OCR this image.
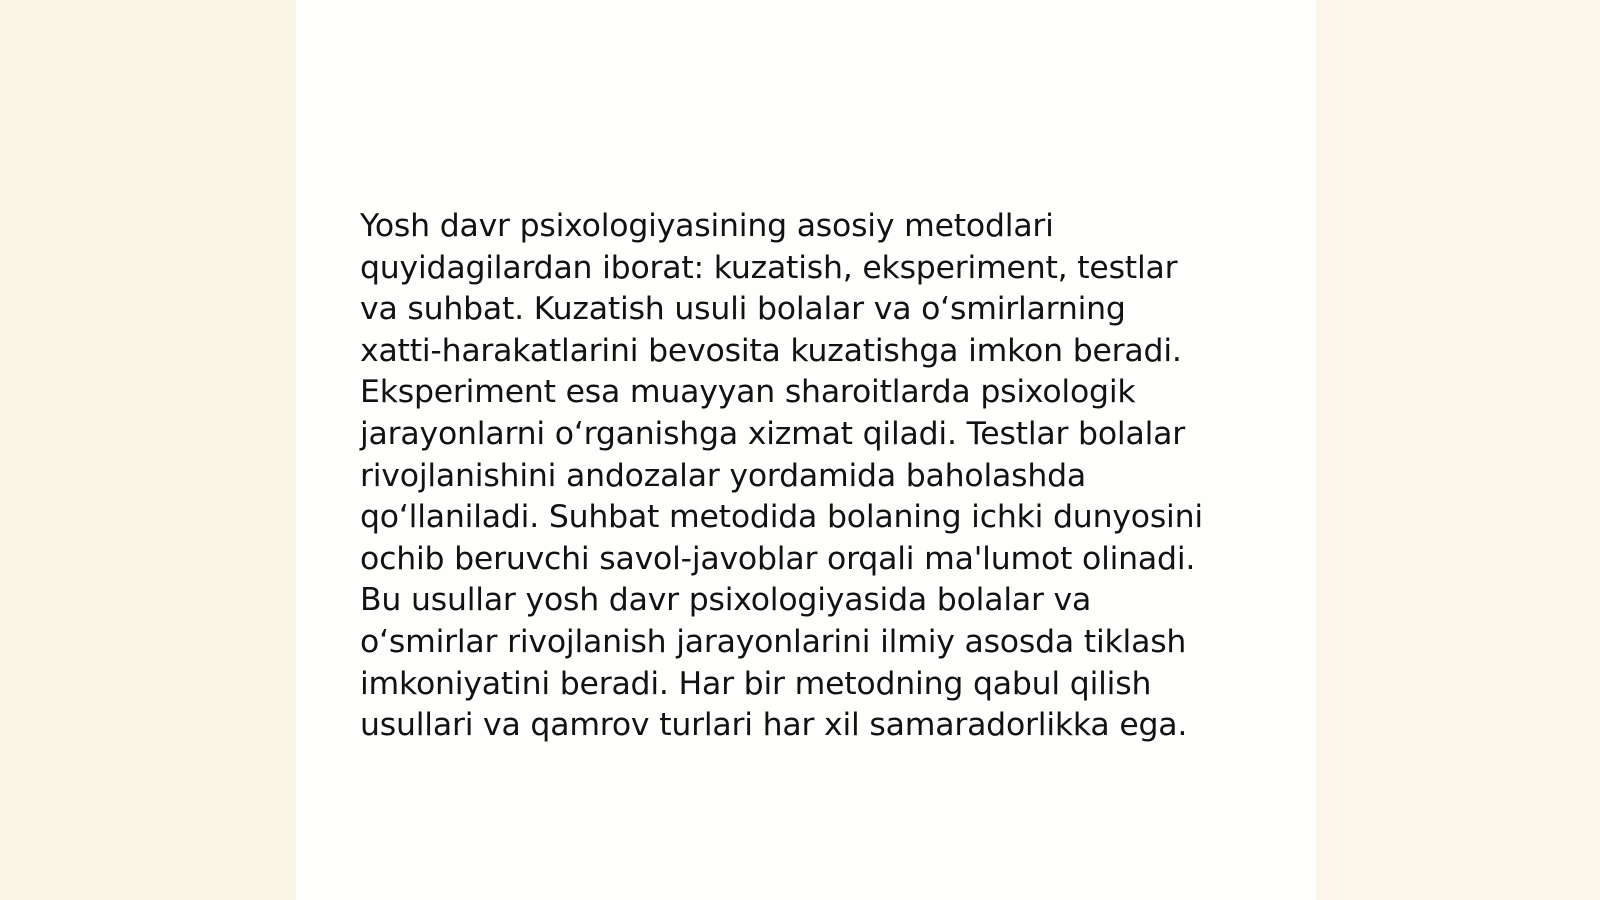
Yosh davr psixologiyasining asosiy metodlari
quyidagilardan iborat: kuzatish, eksperiment, testlar
va suhbat. Kuzatish usuli bolalar va o‘smirlarning
xatti-harakatlarini bevosita kuzatishga imkon beradi.
Eksperiment esa muayyan sharoitlarda psixologik
jarayonlarni o‘rganishga xizmat qiladi. Testlar bolalar
rivojlanishini andozalar yordamida baholashda
qo‘llaniladi. Suhbat metodida bolaning ichki dunyosini
ochib beruvchi savol-javoblar orqali ma'lumot olinadi.
Bu usullar yosh davr psixologiyasida bolalar va
o‘smirlar rivojlanish jarayonlarini ilmiy asosda tiklash
imkoniyatini beradi. Har bir metodning qabul qilish
usullari va qamrov turlari har xil samaradorlikka ega.
